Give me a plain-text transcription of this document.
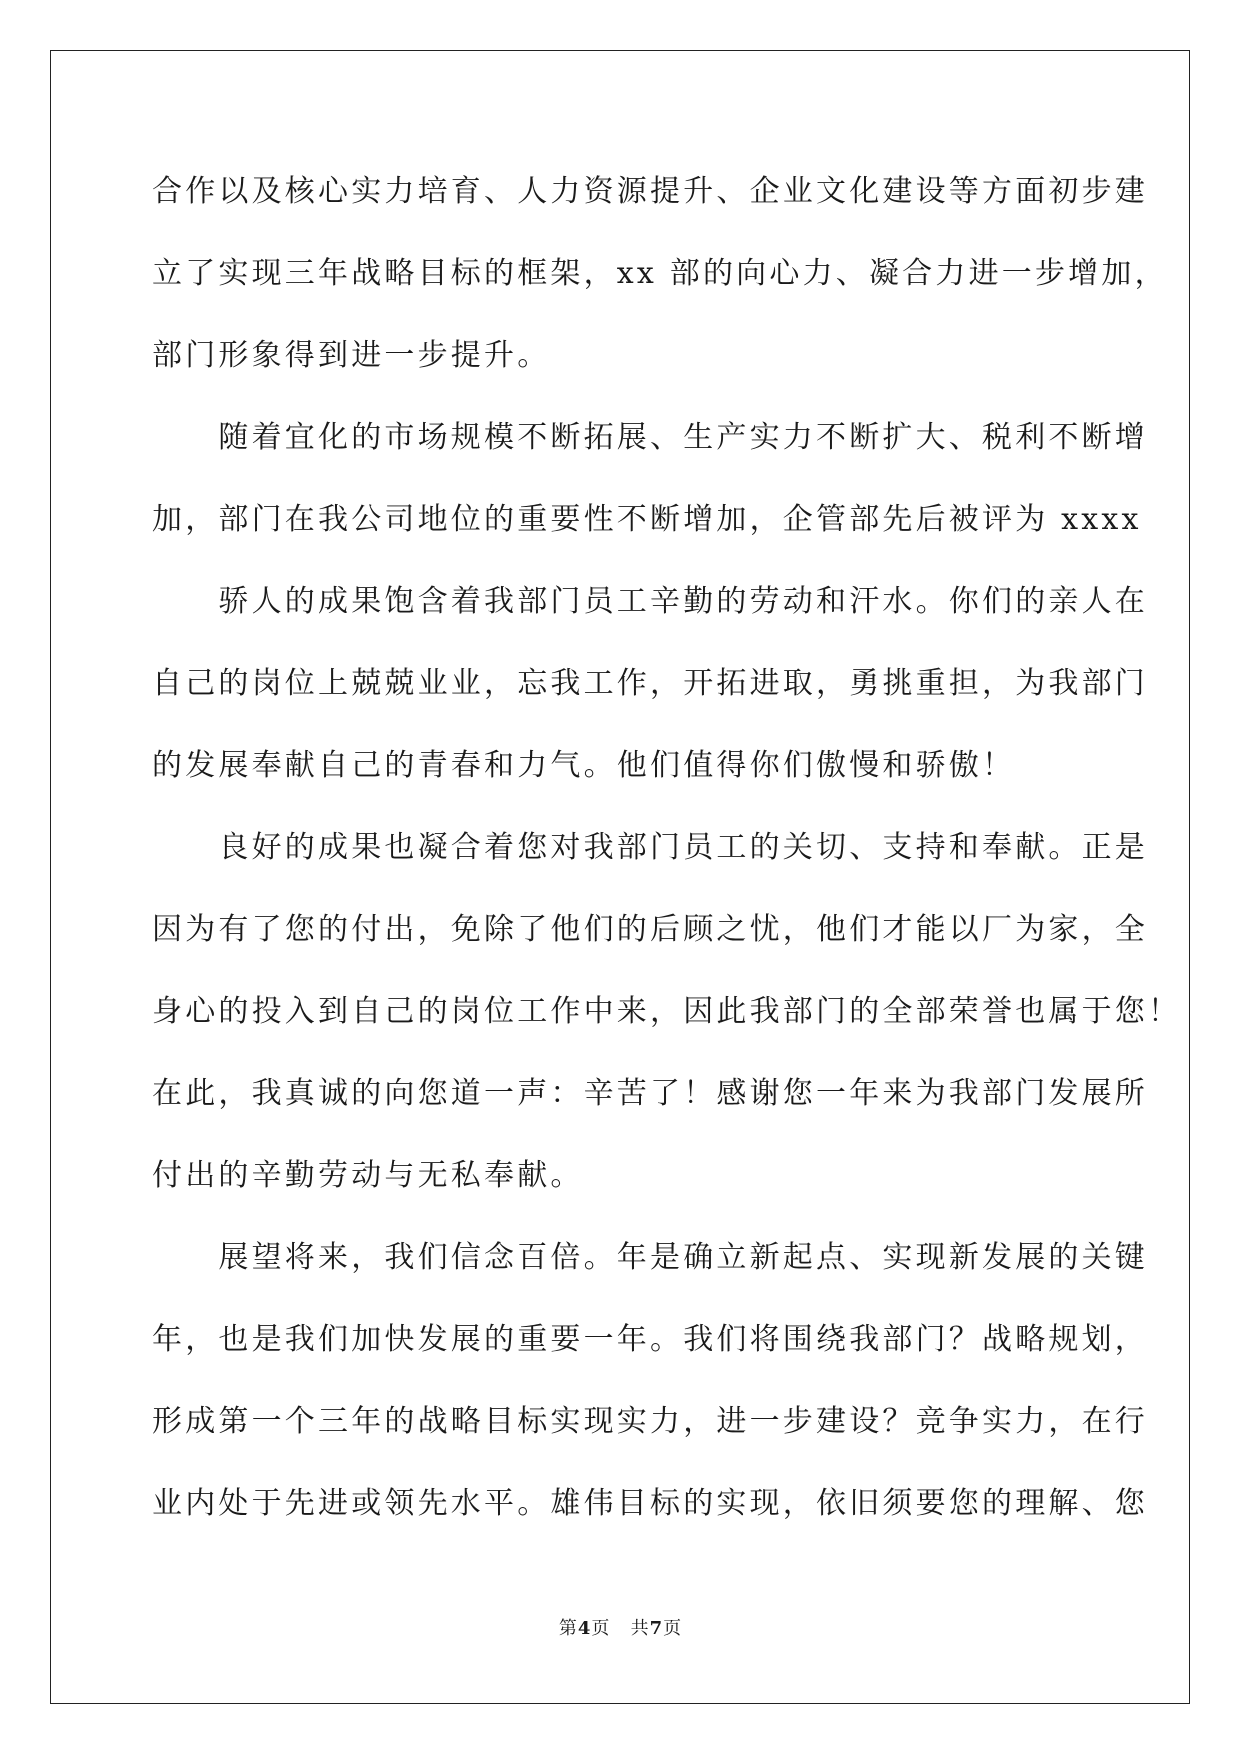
合作以及核心实力培育、人力资源提升、企业文化建设等方面初步建
立了实现三年战略目标的框架，xx 部的向心力、凝合力进一步增加，
部门形象得到进一步提升。
　　随着宜化的市场规模不断拓展、生产实力不断扩大、税利不断增
加，部门在我公司地位的重要性不断增加，企管部先后被评为 xxxx
　　骄人的成果饱含着我部门员工辛勤的劳动和汗水。你们的亲人在
自己的岗位上兢兢业业，忘我工作，开拓进取，勇挑重担，为我部门
的发展奉献自己的青春和力气。他们值得你们傲慢和骄傲！
　　良好的成果也凝合着您对我部门员工的关切、支持和奉献。正是
因为有了您的付出，免除了他们的后顾之忧，他们才能以厂为家，全
身心的投入到自己的岗位工作中来，因此我部门的全部荣誉也属于您！
在此，我真诚的向您道一声：辛苦了！感谢您一年来为我部门发展所
付出的辛勤劳动与无私奉献。
　　展望将来，我们信念百倍。年是确立新起点、实现新发展的关键
年，也是我们加快发展的重要一年。我们将围绕我部门？战略规划，
形成第一个三年的战略目标实现实力，进一步建设？竞争实力，在行
业内处于先进或领先水平。雄伟目标的实现，依旧须要您的理解、您
第4页   共7页
